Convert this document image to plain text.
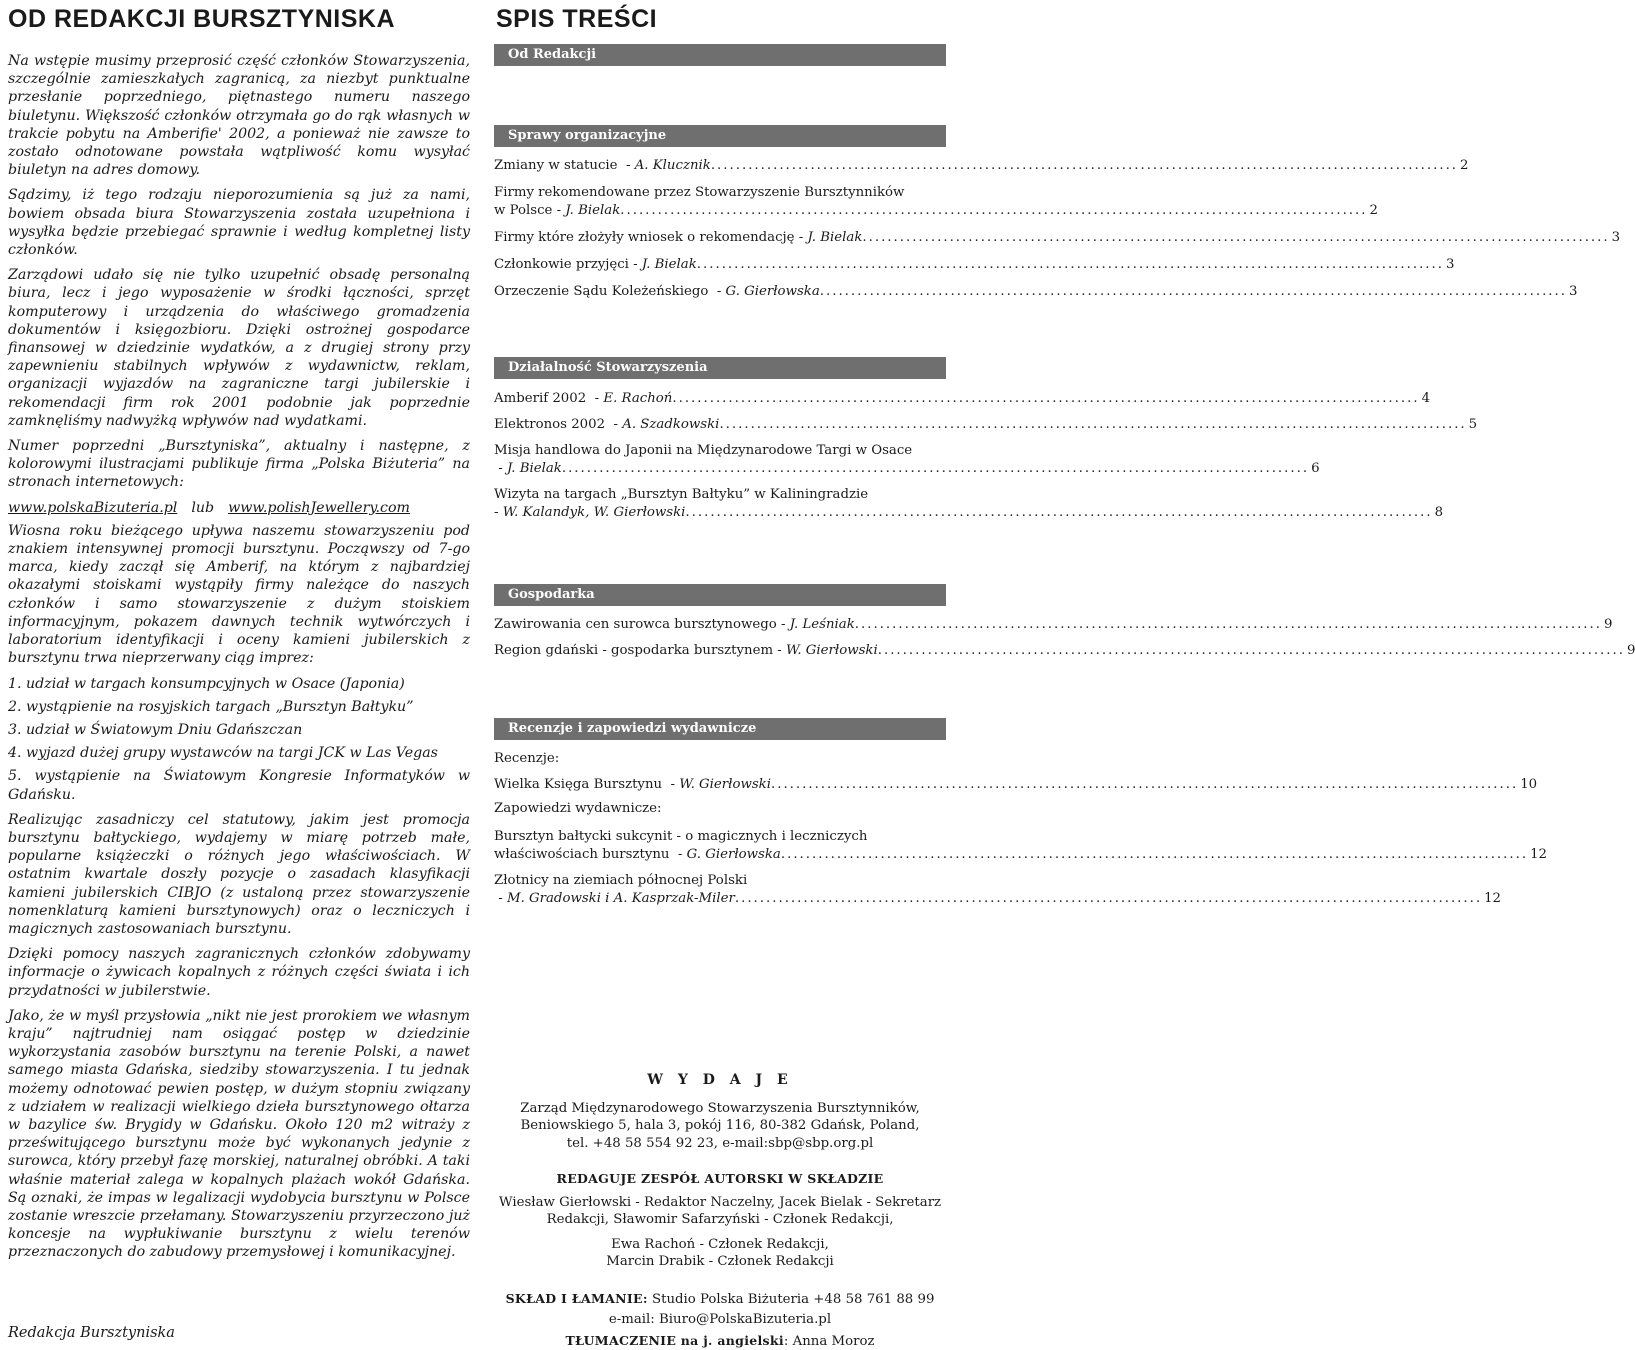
OD REDAKCJI BURSZTYNISKA

Na wstępie musimy przeprosić część członków Stowarzyszenia, szczególnie zamieszkałych zagranicą, za niezbyt punktualne przesłanie poprzedniego, piętnastego numeru naszego biuletynu. Większość członków otrzymała go do rąk własnych w trakcie pobytu na Amberifie' 2002, a ponieważ nie zawsze to zostało odnotowane powstała wątpliwość komu wysyłać biuletyn na adres domowy.

Sądzimy, iż tego rodzaju nieporozumienia są już za nami, bowiem obsada biura Stowarzyszenia została uzupełniona i wysyłka będzie przebiegać sprawnie i według kompletnej listy członków.

Zarządowi udało się nie tylko uzupełnić obsadę personalną biura, lecz i jego wyposażenie w środki łączności, sprzęt komputerowy i urządzenia do właściwego gromadzenia dokumentów i księgozbioru. Dzięki ostrożnej gospodarce finansowej w dziedzinie wydatków, a z drugiej strony przy zapewnieniu stabilnych wpływów z wydawnictw, reklam, organizacji wyjazdów na zagraniczne targi jubilerskie i rekomendacji firm rok 2001 podobnie jak poprzednie zamknęliśmy nadwyżką wpływów nad wydatkami.

Numer poprzedni „Bursztyniska”, aktualny i następne, z kolorowymi ilustracjami publikuje firma „Polska Biżuteria” na stronach internetowych:

www.polskaBizuteria.pl lub www.polishJewellery.com

Wiosna roku bieżącego upływa naszemu stowarzyszeniu pod znakiem intensywnej promocji bursztynu. Począwszy od 7-go marca, kiedy zaczął się Amberif, na którym z najbardziej okazałymi stoiskami wystąpiły firmy należące do naszych członków i samo stowarzyszenie z dużym stoiskiem informacyjnym, pokazem dawnych technik wytwórczych i laboratorium identyfikacji i oceny kamieni jubilerskich z bursztynu trwa nieprzerwany ciąg imprez:

1. udział w targach konsumpcyjnych w Osace (Japonia)

2. wystąpienie na rosyjskich targach „Bursztyn Bałtyku”

3. udział w Światowym Dniu Gdańszczan

4. wyjazd dużej grupy wystawców na targi JCK w Las Vegas

5. wystąpienie na Światowym Kongresie Informatyków w Gdańsku.

Realizując zasadniczy cel statutowy, jakim jest promocja bursztynu bałtyckiego, wydajemy w miarę potrzeb małe, popularne książeczki o różnych jego właściwościach. W ostatnim kwartale doszły pozycje o zasadach klasyfikacji kamieni jubilerskich CIBJO (z ustaloną przez stowarzyszenie nomenklaturą kamieni bursztynowych) oraz o leczniczych i magicznych zastosowaniach bursztynu.

Dzięki pomocy naszych zagranicznych członków zdobywamy informacje o żywicach kopalnych z różnych części świata i ich przydatności w jubilerstwie.

Jako, że w myśl przysłowia „nikt nie jest prorokiem we własnym kraju” najtrudniej nam osiągać postęp w dziedzinie wykorzystania zasobów bursztynu na terenie Polski, a nawet samego miasta Gdańska, siedziby stowarzyszenia. I tu jednak możemy odnotować pewien postęp, w dużym stopniu związany z udziałem w realizacji wielkiego dzieła bursztynowego ołtarza w bazylice św. Brygidy w Gdańsku. Około 120 m2 witraży z prześwitującego bursztynu może być wykonanych jedynie z surowca, który przebył fazę morskiej, naturalnej obróbki. A taki właśnie materiał zalega w kopalnych plażach wokół Gdańska. Są oznaki, że impas w legalizacji wydobycia bursztynu w Polsce zostanie wreszcie przełamany. Stowarzyszeniu przyrzeczono już koncesje na wypłukiwanie bursztynu z wielu terenów przeznaczonych do zabudowy przemysłowej i komunikacyjnej.

Redakcja Bursztyniska
SPIS TREŚCI
Od Redakcji
Sprawy organizacyjne
Zmiany w statucie  - A. Klucznik ........................................................................................................................ 2
Firmy rekomendowane przez Stowarzyszenie Bursztynników
w Polsce - J. Bielak ........................................................................................................................ 2
Firmy które złożyły wniosek o rekomendację - J. Bielak ........................................................................................................................ 3
Członkowie przyjęci - J. Bielak ........................................................................................................................ 3
Orzeczenie Sądu Koleżeńskiego  - G. Gierłowska ........................................................................................................................ 3
Działalność Stowarzyszenia
Amberif 2002  - E. Rachoń ........................................................................................................................ 4
Elektronos 2002  - A. Szadkowski ........................................................................................................................ 5
Misja handlowa do Japonii na Międzynarodowe Targi w Osace
- J. Bielak ........................................................................................................................ 6
Wizyta na targach „Bursztyn Bałtyku” w Kaliningradzie
- W. Kalandyk, W. Gierłowski ........................................................................................................................ 8
Gospodarka
Zawirowania cen surowca bursztynowego - J. Leśniak ........................................................................................................................ 9
Region gdański - gospodarka bursztynem - W. Gierłowski ........................................................................................................................ 9
Recenzje i zapowiedzi wydawnicze
Recenzje:
Wielka Księga Bursztynu  - W. Gierłowski ........................................................................................................................ 10
Zapowiedzi wydawnicze:
Bursztyn bałtycki sukcynit - o magicznych i leczniczych
właściwościach bursztynu  - G. Gierłowska ........................................................................................................................ 12
Złotnicy na ziemiach północnej Polski
- M. Gradowski i A. Kasprzak-Miler ........................................................................................................................ 12
W Y D A J E
Zarząd Międzynarodowego Stowarzyszenia Bursztynników,
Beniowskiego 5, hala 3, pokój 116, 80-382 Gdańsk, Poland,
tel. +48 58 554 92 23, e-mail:sbp@sbp.org.pl
REDAGUJE ZESPÓŁ AUTORSKI W SKŁADZIE
Wiesław Gierłowski - Redaktor Naczelny, Jacek Bielak - Sekretarz Redakcji, Sławomir Safarzyński - Członek Redakcji,
Ewa Rachoń - Członek Redakcji,
Marcin Drabik - Członek Redakcji
SKŁAD I ŁAMANIE: Studio Polska Biżuteria +48 58 761 88 99
e-mail: Biuro@PolskaBizuteria.pl
TŁUMACZENIE na j. angielski: Anna Moroz
